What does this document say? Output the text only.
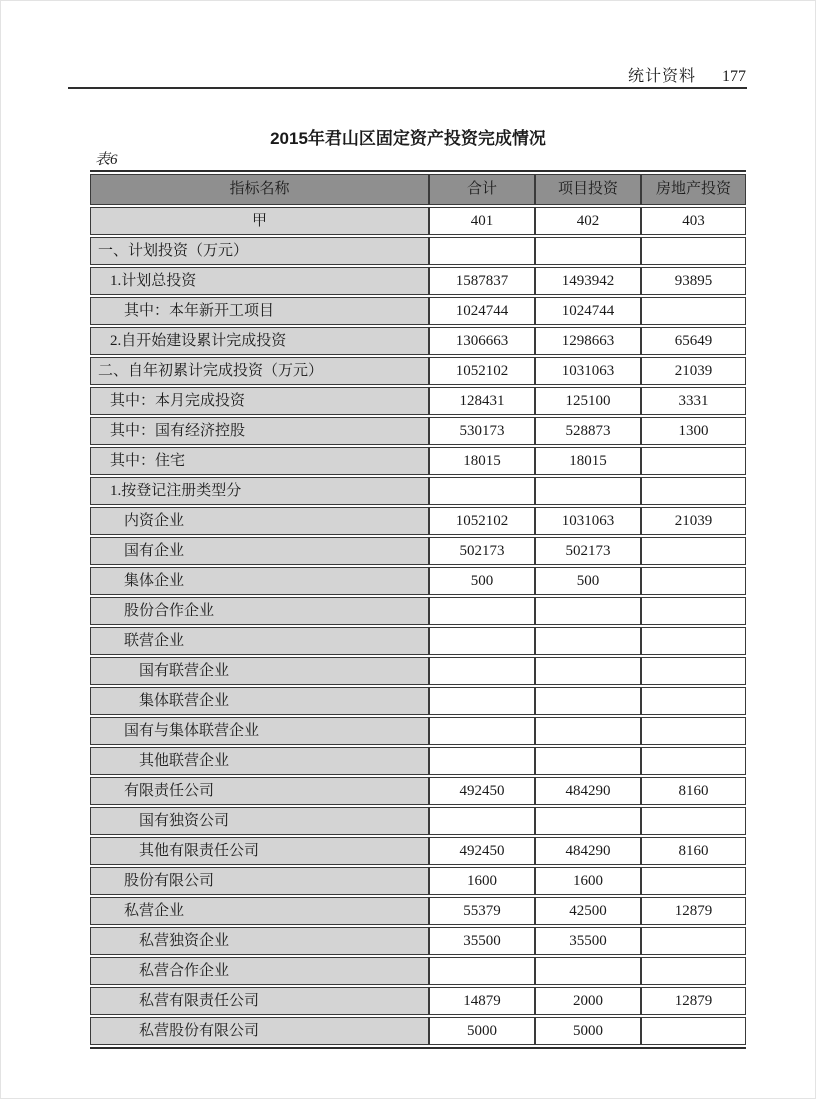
统计资料 177
2015年君山区固定资产投资完成情况
表6
指标名称	合计	项目投资	房地产投资
甲	401	402	403
一、计划投资（万元）			
1.计划总投资	1587837	1493942	93895
其中：本年新开工项目	1024744	1024744	
2.自开始建设累计完成投资	1306663	1298663	65649
二、自年初累计完成投资（万元）	1052102	1031063	21039
其中：本月完成投资	128431	125100	3331
其中：国有经济控股	530173	528873	1300
其中：住宅	18015	18015	
1.按登记注册类型分			
内资企业	1052102	1031063	21039
国有企业	502173	502173	
集体企业	500	500	
股份合作企业			
联营企业			
国有联营企业			
集体联营企业			
国有与集体联营企业			
其他联营企业			
有限责任公司	492450	484290	8160
国有独资公司			
其他有限责任公司	492450	484290	8160
股份有限公司	1600	1600	
私营企业	55379	42500	12879
私营独资企业	35500	35500	
私营合作企业			
私营有限责任公司	14879	2000	12879
私营股份有限公司	5000	5000	
